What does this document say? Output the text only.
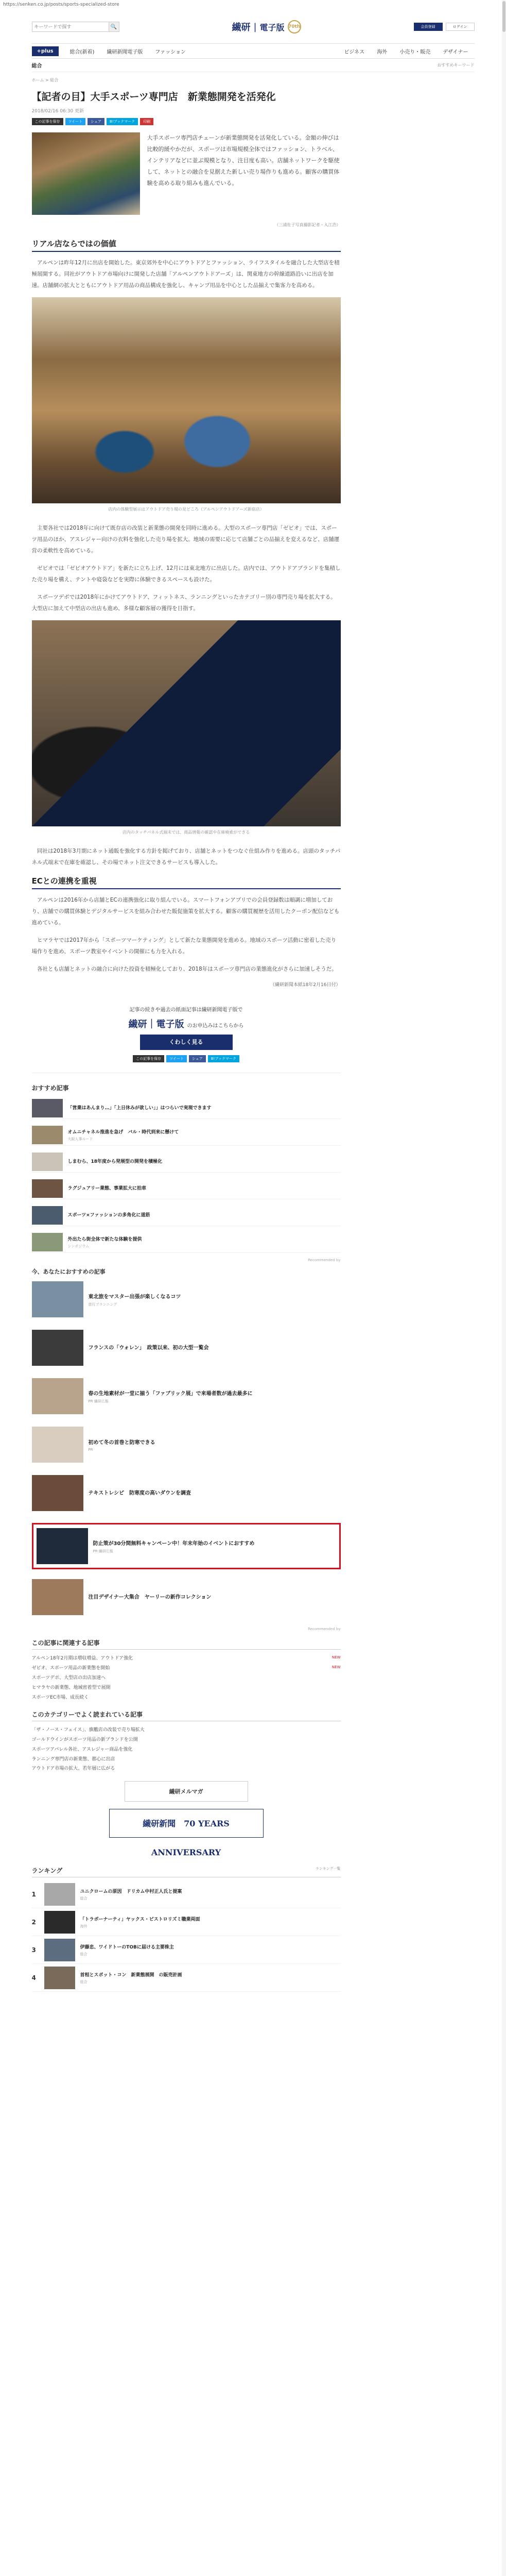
https://senken.co.jp/posts/sports-specialized-store
キーワードで探す
🔍	繊研 | 電子版 70th	会員登録	ログイン
+plus	総合(新着)	繊研新聞電子版	ファッション	ビジネス	海外	小売り・販売	デザイナー
総合	おすすめキーワード
ホーム > 総合
【記者の目】大手スポーツ専門店　新業態開発を活発化
2018/02/16 06:30 更新
この記事を保存	ツイート	シェア	B!ブックマーク	印刷

大手スポーツ専門店チェーンが新業態開発を活発化している。金額の伸びは比較的緩やかだが、スポーツは市場規模全体ではファッション、トラベル、インテリアなどに並ぶ規模となり、注目度も高い。店舗ネットワークを駆使して、ネットとの融合を見据えた新しい売り場作りも進める。顧客の購買体験を高める取り組みも進んでいる。

（三浦佐子写真撮影記者・入江浩）
リアル店ならではの価値

アルペンは昨年12月に出店を開始した。東京郊外を中心にアウトドアとファッション、ライフスタイルを融合した大型店を積極展開する。同社がアウトドア市場向けに開発した店舗「アルペンアウトドアーズ」は、関東地方の幹線道路沿いに出店を加速。店舗網の拡大とともにアウトドア用品の商品構成を強化し、キャンプ用品を中心とした品揃えで集客力を高める。

店内の体験型展示はアウトドア売り場の見どころ（アルペンアウトドアーズ新宿店）

主要各社では2018年に向けて既存店の改装と新業態の開発を同時に進める。大型のスポーツ専門店「ゼビオ」では、スポーツ用品のほか、アスレジャー向けの衣料を強化した売り場を拡大。地域の需要に応じて店舗ごとの品揃えを変えるなど、店舗運営の柔軟性を高めている。

ゼビオでは「ゼビオアウトドア」を新たに立ち上げ、12月には東北地方に出店した。店内では、アウトドアブランドを集積した売り場を構え、テントや寝袋などを実際に体験できるスペースも設けた。

スポーツデポでは2018年にかけてアウトドア、フィットネス、ランニングといったカテゴリー別の専門売り場を拡大する。大型店に加えて中型店の出店も進め、多様な顧客層の獲得を目指す。

店内のタッチパネル式端末では、商品情報の確認や在庫検索ができる

同社は2018年3月期にネット通販を強化する方針を掲げており、店舗とネットをつなぐ仕組み作りを進める。店頭のタッチパネル式端末で在庫を確認し、その場でネット注文できるサービスも導入した。

ECとの連携を重視

アルペンは2016年から店舗とECの連携強化に取り組んでいる。スマートフォンアプリでの会員登録数は順調に増加しており、店舗での購買体験とデジタルサービスを組み合わせた販促施策を拡大する。顧客の購買履歴を活用したクーポン配信なども進めている。

ヒマラヤでは2017年から「スポーツマーケティング」として新たな業態開発を進める。地域のスポーツ活動に密着した売り場作りを進め、スポーツ教室やイベントの開催にも力を入れる。

各社とも店舗とネットの融合に向けた投資を積極化しており、2018年はスポーツ専門店の業態進化がさらに加速しそうだ。

（繊研新聞本紙18年2月16日付）
記事の続きや過去の紙面記事は繊研新聞電子版で
繊研｜電子版 のお申込みはこちらから
くわしく見る
この記事を保存	ツイート	シェア	B!ブックマーク
おすすめ記事
「営業はあんまり…」「上日休みが欲しい」」はつらいで実現できます
オムニチャネル推進を急げ　バル・時代到来に懸けて
大阪人事ルード
しまむら、18年度から発展型の開発を積極化
ラグジュアリー業態、事業拡大に拍車
スポーツ×ファッションの多角化に道筋
外出たら街全体で新たな体験を提供
シンポジウム
Recommended by
今、あなたにおすすめの記事
東北旅をマスター出張が楽しくなるコツ
旅行プランニング
フランスの「ウォレン」　政策以来、初の大型一覧会
春の生地素材が一堂に揃う「ファブリック展」で来場者数が過去最多に
PR 繊研広報
初めて冬の首巻と防寒できる
PR
テキストレシピ　防寒度の高いダウンを調査
防止策が30分間無料キャンペーン中！年末年始のイベントにおすすめ
PR 繊研広報
注目デザイナー大集合　ヤーリーの新作コレクション
Recommended by
この記事に関連する記事
アルペン18年2月期は増収増益、アウトドア強化	NEW
ゼビオ、スポーツ用品の新業態を開始	NEW
スポーツデポ、大型店の出店加速へ
ヒマラヤの新業態、地域密着型で展開
スポーツEC市場、成長続く
このカテゴリーでよく読まれている記事
「ザ・ノース・フェイス」、旗艦店の改装で売り場拡大
ゴールドウインがスポーツ用品の新ブランドを公開
スポーツアパレル各社、アスレジャー商品を強化
ランニング専門店の新業態、都心に出店
アウトドア市場の拡大、若年層に広がる
繊研メルマガ
繊研新聞　70 YEARS ANNIVERSARY
ランキング	ランキング一覧
1	ユニクロームの原因　ドリカム中村正人氏と提案
総合
2	「トラボーナーティ」ヤックス・ビストロリズミ職業両面
海外
3	伊藤忠、ワイドトーのTOBに届ける主要株主
総合
4	首相とスポット・コン　新業態展開　の販売計画
総合
